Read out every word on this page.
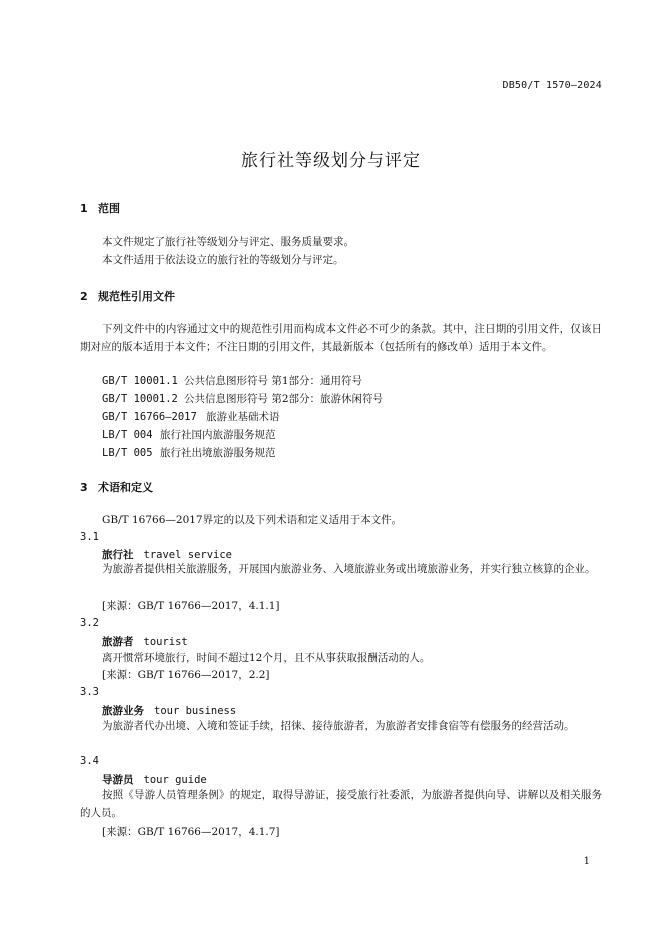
DB50/T 1570—2024
旅行社等级划分与评定
1 范围
本文件规定了旅行社等级划分与评定、服务质量要求。
本文件适用于依法设立的旅行社的等级划分与评定。
2 规范性引用文件
下列文件中的内容通过文中的规范性引用而构成本文件必不可少的条款。其中，注日期的引用文件，仅该日期对应的版本适用于本文件；不注日期的引用文件，其最新版本（包括所有的修改单）适用于本文件。
GB/T 10001.1 公共信息图形符号 第1部分：通用符号
GB/T 10001.2 公共信息图形符号 第2部分：旅游休闲符号
GB/T 16766—2017 旅游业基础术语
LB/T 004 旅行社国内旅游服务规范
LB/T 005 旅行社出境旅游服务规范
3 术语和定义
GB/T 16766—2017界定的以及下列术语和定义适用于本文件。
3.1
旅行社 travel service
为旅游者提供相关旅游服务，开展国内旅游业务、入境旅游业务或出境旅游业务，并实行独立核算的企业。
[来源：GB/T 16766—2017，4.1.1]
3.2
旅游者 tourist
离开惯常环境旅行，时间不超过12个月，且不从事获取报酬活动的人。
[来源：GB/T 16766—2017，2.2]
3.3
旅游业务 tour business
为旅游者代办出境、入境和签证手续，招徕、接待旅游者，为旅游者安排食宿等有偿服务的经营活动。
3.4
导游员 tour guide
按照《导游人员管理条例》的规定，取得导游证，接受旅行社委派，为旅游者提供向导、讲解以及相关服务的人员。
[来源：GB/T 16766—2017，4.1.7]
1
